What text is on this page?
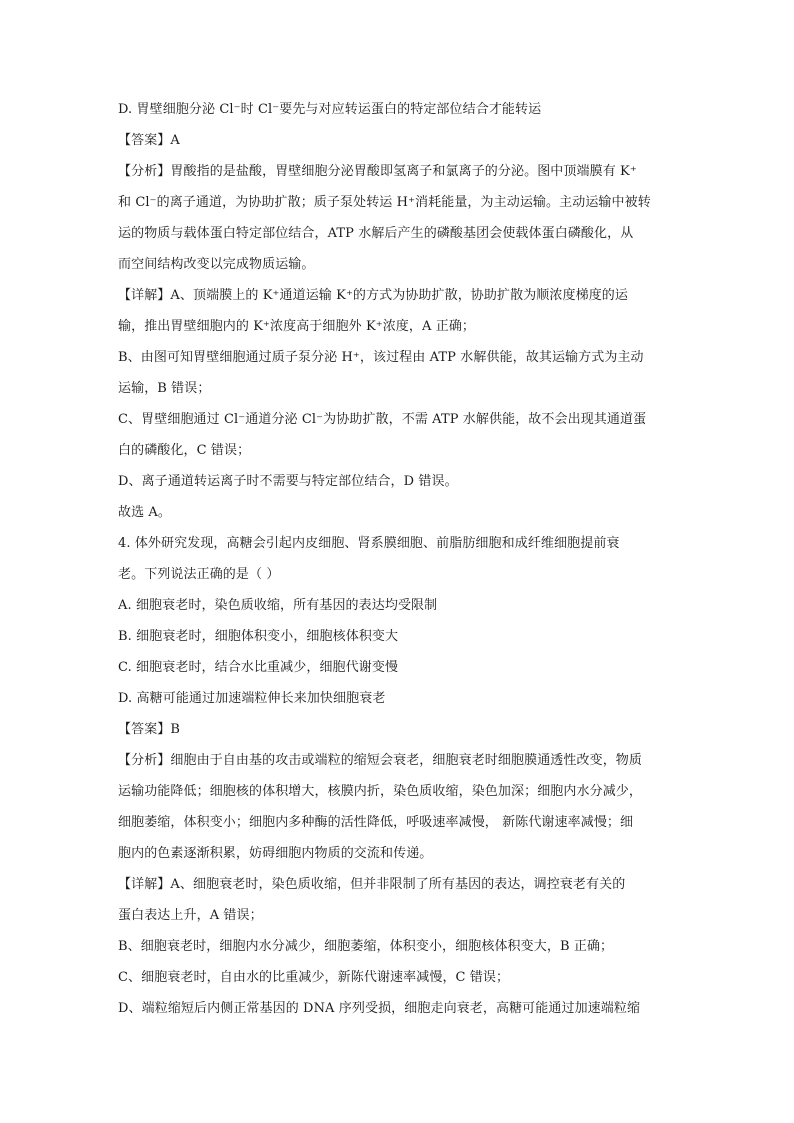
D. 胃壁细胞分泌 Cl⁻时 Cl⁻要先与对应转运蛋白的特定部位结合才能转运
【答案】A
【分析】胃酸指的是盐酸，胃壁细胞分泌胃酸即氢离子和氯离子的分泌。图中顶端膜有 K⁺
和 Cl⁻的离子通道，为协助扩散；质子泵处转运 H⁺消耗能量，为主动运输。主动运输中被转
运的物质与载体蛋白特定部位结合，ATP 水解后产生的磷酸基团会使载体蛋白磷酸化，从
而空间结构改变以完成物质运输。
【详解】A、顶端膜上的 K⁺通道运输 K⁺的方式为协助扩散，协助扩散为顺浓度梯度的运
输，推出胃壁细胞内的 K⁺浓度高于细胞外 K⁺浓度，A 正确；
B、由图可知胃壁细胞通过质子泵分泌 H⁺，该过程由 ATP 水解供能，故其运输方式为主动
运输，B 错误；
C、胃壁细胞通过 Cl⁻通道分泌 Cl⁻为协助扩散，不需 ATP 水解供能，故不会出现其通道蛋
白的磷酸化，C 错误；
D、离子通道转运离子时不需要与特定部位结合，D 错误。
故选 A。
4. 体外研究发现，高糖会引起内皮细胞、肾系膜细胞、前脂肪细胞和成纤维细胞提前衰
老。下列说法正确的是（ ）
A. 细胞衰老时，染色质收缩，所有基因的表达均受限制
B. 细胞衰老时，细胞体积变小，细胞核体积变大
C. 细胞衰老时，结合水比重减少，细胞代谢变慢
D. 高糖可能通过加速端粒伸长来加快细胞衰老
【答案】B
【分析】细胞由于自由基的攻击或端粒的缩短会衰老，细胞衰老时细胞膜通透性改变，物质
运输功能降低；细胞核的体积增大，核膜内折，染色质收缩，染色加深；细胞内水分减少，
细胞萎缩，体积变小；细胞内多种酶的活性降低，呼吸速率减慢， 新陈代谢速率减慢；细
胞内的色素逐渐积累，妨碍细胞内物质的交流和传递。
【详解】A、细胞衰老时，染色质收缩，但并非限制了所有基因的表达，调控衰老有关的
蛋白表达上升，A 错误；
B、细胞衰老时，细胞内水分减少，细胞萎缩，体积变小，细胞核体积变大，B 正确；
C、细胞衰老时，自由水的比重减少，新陈代谢速率减慢，C 错误；
D、端粒缩短后内侧正常基因的 DNA 序列受损，细胞走向衰老，高糖可能通过加速端粒缩
